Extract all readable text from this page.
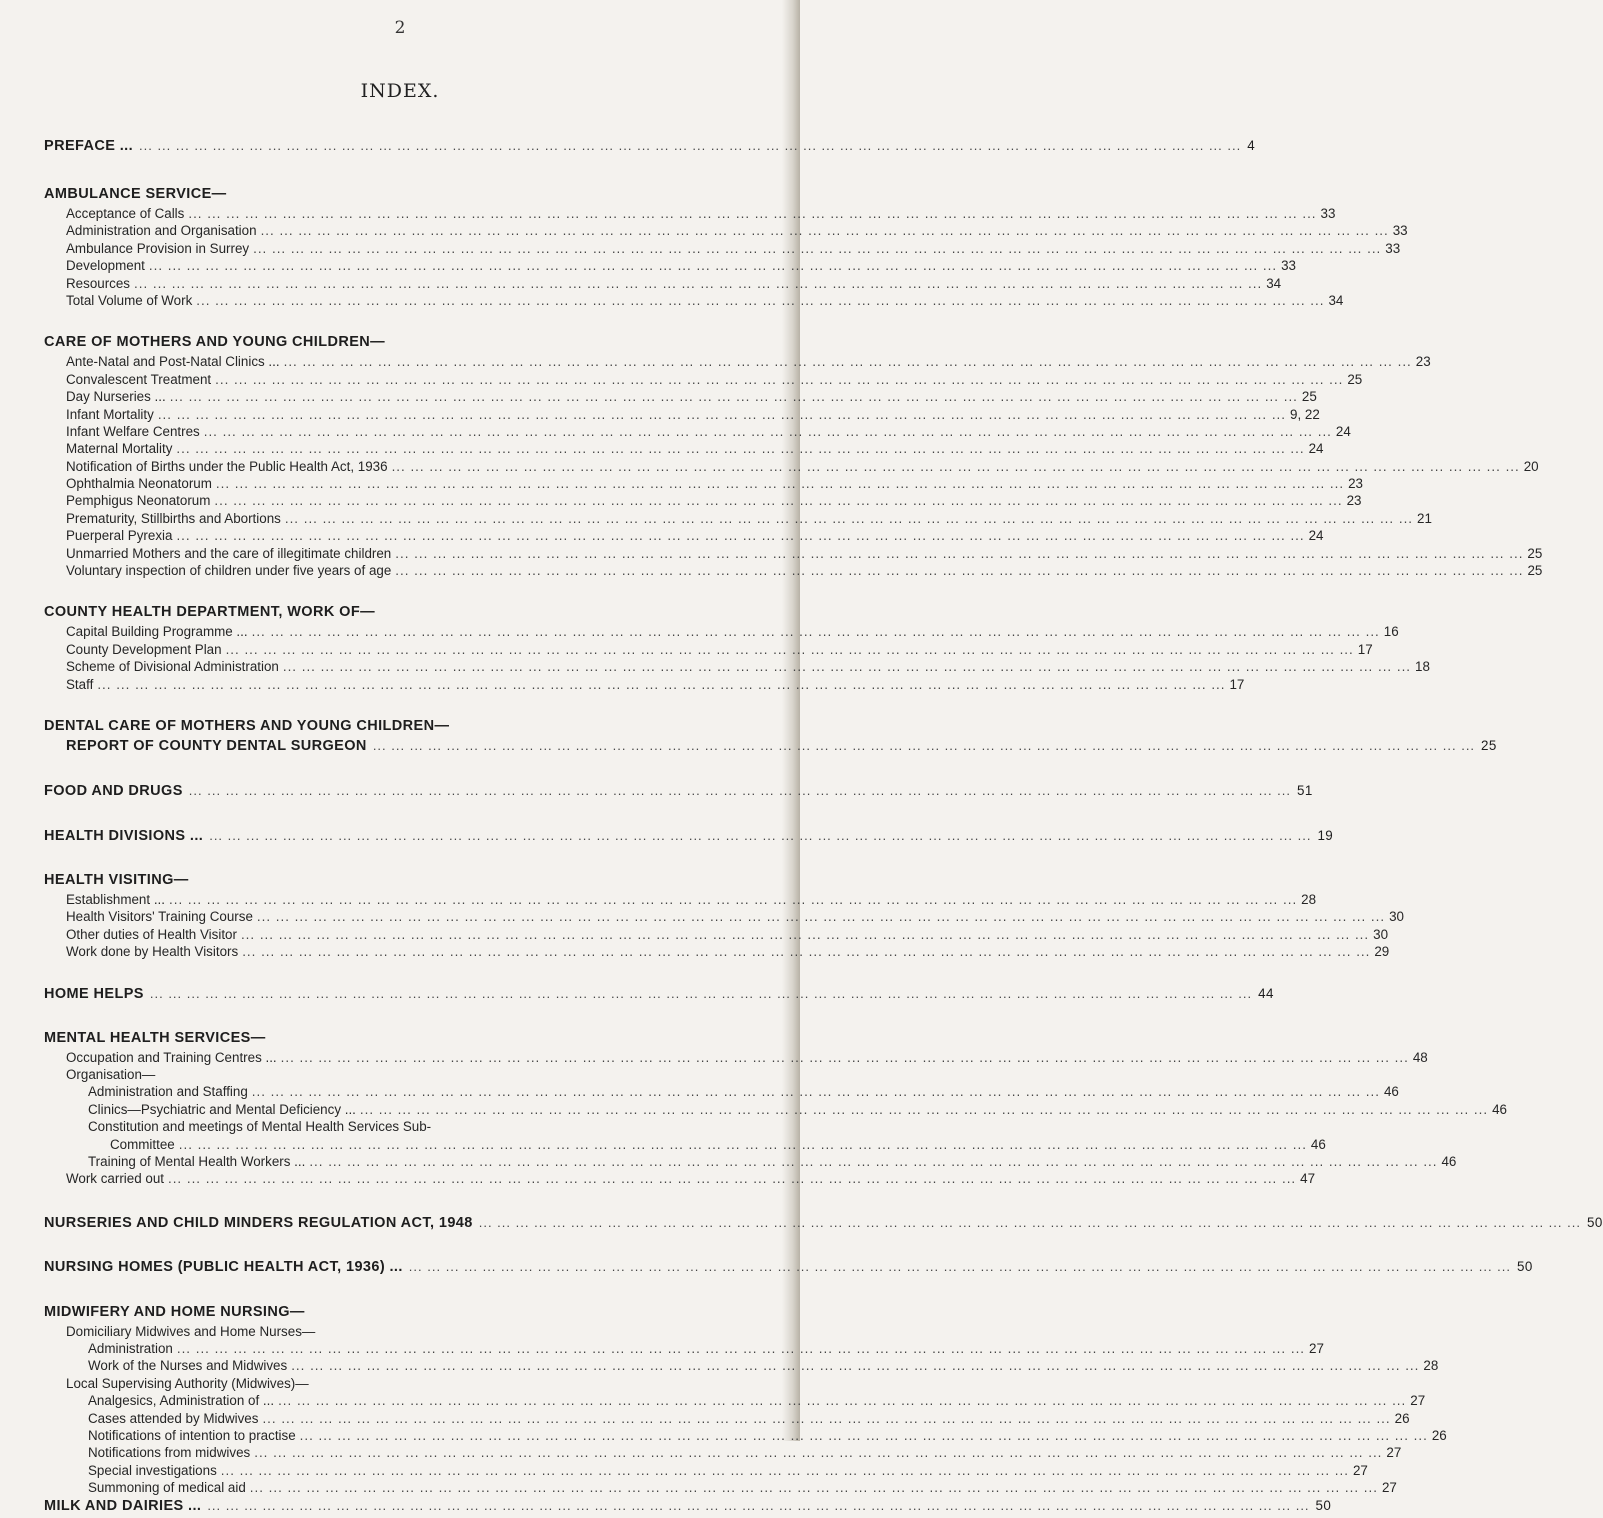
2
INDEX.
PREFACE ... ... ... ... ... ... ... ... ... ... ... ... ... ... ... ... ... ... ... ... ... ... ... ... ... ... ... ... ... ... ... ... ... ... ... ... ... ... ... ... ... ... ... ... ... ... ... ... ... ... ... ... ... ... ... ... ... ... ... ... ... 4
AMBULANCE SERVICE—
Acceptance of Calls ... ... ... ... ... ... ... ... ... ... ... ... ... ... ... ... ... ... ... ... ... ... ... ... ... ... ... ... ... ... ... ... ... ... ... ... ... ... ... ... ... ... ... ... ... ... ... ... ... ... ... ... ... ... ... ... ... ... ... ... 33
Administration and Organisation ... ... ... ... ... ... ... ... ... ... ... ... ... ... ... ... ... ... ... ... ... ... ... ... ... ... ... ... ... ... ... ... ... ... ... ... ... ... ... ... ... ... ... ... ... ... ... ... ... ... ... ... ... ... ... ... ... ... ... ... 33
Ambulance Provision in Surrey ... ... ... ... ... ... ... ... ... ... ... ... ... ... ... ... ... ... ... ... ... ... ... ... ... ... ... ... ... ... ... ... ... ... ... ... ... ... ... ... ... ... ... ... ... ... ... ... ... ... ... ... ... ... ... ... ... ... ... ... 33
Development ... ... ... ... ... ... ... ... ... ... ... ... ... ... ... ... ... ... ... ... ... ... ... ... ... ... ... ... ... ... ... ... ... ... ... ... ... ... ... ... ... ... ... ... ... ... ... ... ... ... ... ... ... ... ... ... ... ... ... ... 33
Resources ... ... ... ... ... ... ... ... ... ... ... ... ... ... ... ... ... ... ... ... ... ... ... ... ... ... ... ... ... ... ... ... ... ... ... ... ... ... ... ... ... ... ... ... ... ... ... ... ... ... ... ... ... ... ... ... ... ... ... ... 34
Total Volume of Work ... ... ... ... ... ... ... ... ... ... ... ... ... ... ... ... ... ... ... ... ... ... ... ... ... ... ... ... ... ... ... ... ... ... ... ... ... ... ... ... ... ... ... ... ... ... ... ... ... ... ... ... ... ... ... ... ... ... ... ... 34
CARE OF MOTHERS AND YOUNG CHILDREN—
Ante-Natal and Post-Natal Clinics ... ... ... ... ... ... ... ... ... ... ... ... ... ... ... ... ... ... ... ... ... ... ... ... ... ... ... ... ... ... ... ... ... ... ... ... ... ... ... ... ... ... ... ... ... ... ... ... ... ... ... ... ... ... ... ... ... ... ... ... ... 23
Convalescent Treatment ... ... ... ... ... ... ... ... ... ... ... ... ... ... ... ... ... ... ... ... ... ... ... ... ... ... ... ... ... ... ... ... ... ... ... ... ... ... ... ... ... ... ... ... ... ... ... ... ... ... ... ... ... ... ... ... ... ... ... ... 25
Day Nurseries ... ... ... ... ... ... ... ... ... ... ... ... ... ... ... ... ... ... ... ... ... ... ... ... ... ... ... ... ... ... ... ... ... ... ... ... ... ... ... ... ... ... ... ... ... ... ... ... ... ... ... ... ... ... ... ... ... ... ... ... ... 25
Infant Mortality ... ... ... ... ... ... ... ... ... ... ... ... ... ... ... ... ... ... ... ... ... ... ... ... ... ... ... ... ... ... ... ... ... ... ... ... ... ... ... ... ... ... ... ... ... ... ... ... ... ... ... ... ... ... ... ... ... ... ... ... 9, 22
Infant Welfare Centres ... ... ... ... ... ... ... ... ... ... ... ... ... ... ... ... ... ... ... ... ... ... ... ... ... ... ... ... ... ... ... ... ... ... ... ... ... ... ... ... ... ... ... ... ... ... ... ... ... ... ... ... ... ... ... ... ... ... ... ... 24
Maternal Mortality ... ... ... ... ... ... ... ... ... ... ... ... ... ... ... ... ... ... ... ... ... ... ... ... ... ... ... ... ... ... ... ... ... ... ... ... ... ... ... ... ... ... ... ... ... ... ... ... ... ... ... ... ... ... ... ... ... ... ... ... 24
Notification of Births under the Public Health Act, 1936 ... ... ... ... ... ... ... ... ... ... ... ... ... ... ... ... ... ... ... ... ... ... ... ... ... ... ... ... ... ... ... ... ... ... ... ... ... ... ... ... ... ... ... ... ... ... ... ... ... ... ... ... ... ... ... ... ... ... ... ... 20
Ophthalmia Neonatorum ... ... ... ... ... ... ... ... ... ... ... ... ... ... ... ... ... ... ... ... ... ... ... ... ... ... ... ... ... ... ... ... ... ... ... ... ... ... ... ... ... ... ... ... ... ... ... ... ... ... ... ... ... ... ... ... ... ... ... ... 23
Pemphigus Neonatorum ... ... ... ... ... ... ... ... ... ... ... ... ... ... ... ... ... ... ... ... ... ... ... ... ... ... ... ... ... ... ... ... ... ... ... ... ... ... ... ... ... ... ... ... ... ... ... ... ... ... ... ... ... ... ... ... ... ... ... ... 23
Prematurity, Stillbirths and Abortions ... ... ... ... ... ... ... ... ... ... ... ... ... ... ... ... ... ... ... ... ... ... ... ... ... ... ... ... ... ... ... ... ... ... ... ... ... ... ... ... ... ... ... ... ... ... ... ... ... ... ... ... ... ... ... ... ... ... ... ... 21
Puerperal Pyrexia ... ... ... ... ... ... ... ... ... ... ... ... ... ... ... ... ... ... ... ... ... ... ... ... ... ... ... ... ... ... ... ... ... ... ... ... ... ... ... ... ... ... ... ... ... ... ... ... ... ... ... ... ... ... ... ... ... ... ... ... 24
Unmarried Mothers and the care of illegitimate children ... ... ... ... ... ... ... ... ... ... ... ... ... ... ... ... ... ... ... ... ... ... ... ... ... ... ... ... ... ... ... ... ... ... ... ... ... ... ... ... ... ... ... ... ... ... ... ... ... ... ... ... ... ... ... ... ... ... ... ... 25
Voluntary inspection of children under five years of age ... ... ... ... ... ... ... ... ... ... ... ... ... ... ... ... ... ... ... ... ... ... ... ... ... ... ... ... ... ... ... ... ... ... ... ... ... ... ... ... ... ... ... ... ... ... ... ... ... ... ... ... ... ... ... ... ... ... ... ... 25
COUNTY HEALTH DEPARTMENT, WORK OF—
Capital Building Programme ... ... ... ... ... ... ... ... ... ... ... ... ... ... ... ... ... ... ... ... ... ... ... ... ... ... ... ... ... ... ... ... ... ... ... ... ... ... ... ... ... ... ... ... ... ... ... ... ... ... ... ... ... ... ... ... ... ... ... ... ... 16
County Development Plan ... ... ... ... ... ... ... ... ... ... ... ... ... ... ... ... ... ... ... ... ... ... ... ... ... ... ... ... ... ... ... ... ... ... ... ... ... ... ... ... ... ... ... ... ... ... ... ... ... ... ... ... ... ... ... ... ... ... ... ... 17
Scheme of Divisional Administration ... ... ... ... ... ... ... ... ... ... ... ... ... ... ... ... ... ... ... ... ... ... ... ... ... ... ... ... ... ... ... ... ... ... ... ... ... ... ... ... ... ... ... ... ... ... ... ... ... ... ... ... ... ... ... ... ... ... ... ... 18
Staff ... ... ... ... ... ... ... ... ... ... ... ... ... ... ... ... ... ... ... ... ... ... ... ... ... ... ... ... ... ... ... ... ... ... ... ... ... ... ... ... ... ... ... ... ... ... ... ... ... ... ... ... ... ... ... ... ... ... ... ... 17
DENTAL CARE OF MOTHERS AND YOUNG CHILDREN—
REPORT OF COUNTY DENTAL SURGEON ... ... ... ... ... ... ... ... ... ... ... ... ... ... ... ... ... ... ... ... ... ... ... ... ... ... ... ... ... ... ... ... ... ... ... ... ... ... ... ... ... ... ... ... ... ... ... ... ... ... ... ... ... ... ... ... ... ... ... ... 25
FOOD AND DRUGS ... ... ... ... ... ... ... ... ... ... ... ... ... ... ... ... ... ... ... ... ... ... ... ... ... ... ... ... ... ... ... ... ... ... ... ... ... ... ... ... ... ... ... ... ... ... ... ... ... ... ... ... ... ... ... ... ... ... ... ... 51
HEALTH DIVISIONS ... ... ... ... ... ... ... ... ... ... ... ... ... ... ... ... ... ... ... ... ... ... ... ... ... ... ... ... ... ... ... ... ... ... ... ... ... ... ... ... ... ... ... ... ... ... ... ... ... ... ... ... ... ... ... ... ... ... ... ... ... 19
HEALTH VISITING—
Establishment ... ... ... ... ... ... ... ... ... ... ... ... ... ... ... ... ... ... ... ... ... ... ... ... ... ... ... ... ... ... ... ... ... ... ... ... ... ... ... ... ... ... ... ... ... ... ... ... ... ... ... ... ... ... ... ... ... ... ... ... ... 28
Health Visitors' Training Course ... ... ... ... ... ... ... ... ... ... ... ... ... ... ... ... ... ... ... ... ... ... ... ... ... ... ... ... ... ... ... ... ... ... ... ... ... ... ... ... ... ... ... ... ... ... ... ... ... ... ... ... ... ... ... ... ... ... ... ... 30
Other duties of Health Visitor ... ... ... ... ... ... ... ... ... ... ... ... ... ... ... ... ... ... ... ... ... ... ... ... ... ... ... ... ... ... ... ... ... ... ... ... ... ... ... ... ... ... ... ... ... ... ... ... ... ... ... ... ... ... ... ... ... ... ... ... 30
Work done by Health Visitors ... ... ... ... ... ... ... ... ... ... ... ... ... ... ... ... ... ... ... ... ... ... ... ... ... ... ... ... ... ... ... ... ... ... ... ... ... ... ... ... ... ... ... ... ... ... ... ... ... ... ... ... ... ... ... ... ... ... ... ... 29
HOME HELPS ... ... ... ... ... ... ... ... ... ... ... ... ... ... ... ... ... ... ... ... ... ... ... ... ... ... ... ... ... ... ... ... ... ... ... ... ... ... ... ... ... ... ... ... ... ... ... ... ... ... ... ... ... ... ... ... ... ... ... ... 44
MENTAL HEALTH SERVICES—
Occupation and Training Centres ... ... ... ... ... ... ... ... ... ... ... ... ... ... ... ... ... ... ... ... ... ... ... ... ... ... ... ... ... ... ... ... ... ... ... ... ... ... ... ... ... ... ... ... ... ... ... ... ... ... ... ... ... ... ... ... ... ... ... ... ... 48
Organisation—
Administration and Staffing ... ... ... ... ... ... ... ... ... ... ... ... ... ... ... ... ... ... ... ... ... ... ... ... ... ... ... ... ... ... ... ... ... ... ... ... ... ... ... ... ... ... ... ... ... ... ... ... ... ... ... ... ... ... ... ... ... ... ... ... 46
Clinics—Psychiatric and Mental Deficiency ... ... ... ... ... ... ... ... ... ... ... ... ... ... ... ... ... ... ... ... ... ... ... ... ... ... ... ... ... ... ... ... ... ... ... ... ... ... ... ... ... ... ... ... ... ... ... ... ... ... ... ... ... ... ... ... ... ... ... ... ... 46
Constitution and meetings of Mental Health Services Sub-
Committee ... ... ... ... ... ... ... ... ... ... ... ... ... ... ... ... ... ... ... ... ... ... ... ... ... ... ... ... ... ... ... ... ... ... ... ... ... ... ... ... ... ... ... ... ... ... ... ... ... ... ... ... ... ... ... ... ... ... ... ... 46
Training of Mental Health Workers ... ... ... ... ... ... ... ... ... ... ... ... ... ... ... ... ... ... ... ... ... ... ... ... ... ... ... ... ... ... ... ... ... ... ... ... ... ... ... ... ... ... ... ... ... ... ... ... ... ... ... ... ... ... ... ... ... ... ... ... ... 46
Work carried out ... ... ... ... ... ... ... ... ... ... ... ... ... ... ... ... ... ... ... ... ... ... ... ... ... ... ... ... ... ... ... ... ... ... ... ... ... ... ... ... ... ... ... ... ... ... ... ... ... ... ... ... ... ... ... ... ... ... ... ... 47
NURSERIES AND CHILD MINDERS REGULATION ACT, 1948 ... ... ... ... ... ... ... ... ... ... ... ... ... ... ... ... ... ... ... ... ... ... ... ... ... ... ... ... ... ... ... ... ... ... ... ... ... ... ... ... ... ... ... ... ... ... ... ... ... ... ... ... ... ... ... ... ... ... ... ... 50
NURSING HOMES (PUBLIC HEALTH ACT, 1936) ... ... ... ... ... ... ... ... ... ... ... ... ... ... ... ... ... ... ... ... ... ... ... ... ... ... ... ... ... ... ... ... ... ... ... ... ... ... ... ... ... ... ... ... ... ... ... ... ... ... ... ... ... ... ... ... ... ... ... ... ... 50
MIDWIFERY AND HOME NURSING—
Domiciliary Midwives and Home Nurses—
Administration ... ... ... ... ... ... ... ... ... ... ... ... ... ... ... ... ... ... ... ... ... ... ... ... ... ... ... ... ... ... ... ... ... ... ... ... ... ... ... ... ... ... ... ... ... ... ... ... ... ... ... ... ... ... ... ... ... ... ... ... 27
Work of the Nurses and Midwives ... ... ... ... ... ... ... ... ... ... ... ... ... ... ... ... ... ... ... ... ... ... ... ... ... ... ... ... ... ... ... ... ... ... ... ... ... ... ... ... ... ... ... ... ... ... ... ... ... ... ... ... ... ... ... ... ... ... ... ... 28
Local Supervising Authority (Midwives)—
Analgesics, Administration of ... ... ... ... ... ... ... ... ... ... ... ... ... ... ... ... ... ... ... ... ... ... ... ... ... ... ... ... ... ... ... ... ... ... ... ... ... ... ... ... ... ... ... ... ... ... ... ... ... ... ... ... ... ... ... ... ... ... ... ... ... 27
Cases attended by Midwives ... ... ... ... ... ... ... ... ... ... ... ... ... ... ... ... ... ... ... ... ... ... ... ... ... ... ... ... ... ... ... ... ... ... ... ... ... ... ... ... ... ... ... ... ... ... ... ... ... ... ... ... ... ... ... ... ... ... ... ... 26
Notifications of intention to practise ... ... ... ... ... ... ... ... ... ... ... ... ... ... ... ... ... ... ... ... ... ... ... ... ... ... ... ... ... ... ... ... ... ... ... ... ... ... ... ... ... ... ... ... ... ... ... ... ... ... ... ... ... ... ... ... ... ... ... ... 26
Notifications from midwives ... ... ... ... ... ... ... ... ... ... ... ... ... ... ... ... ... ... ... ... ... ... ... ... ... ... ... ... ... ... ... ... ... ... ... ... ... ... ... ... ... ... ... ... ... ... ... ... ... ... ... ... ... ... ... ... ... ... ... ... 27
Special investigations ... ... ... ... ... ... ... ... ... ... ... ... ... ... ... ... ... ... ... ... ... ... ... ... ... ... ... ... ... ... ... ... ... ... ... ... ... ... ... ... ... ... ... ... ... ... ... ... ... ... ... ... ... ... ... ... ... ... ... ... 27
Summoning of medical aid ... ... ... ... ... ... ... ... ... ... ... ... ... ... ... ... ... ... ... ... ... ... ... ... ... ... ... ... ... ... ... ... ... ... ... ... ... ... ... ... ... ... ... ... ... ... ... ... ... ... ... ... ... ... ... ... ... ... ... ... 27
MILK AND DAIRIES ... ... ... ... ... ... ... ... ... ... ... ... ... ... ... ... ... ... ... ... ... ... ... ... ... ... ... ... ... ... ... ... ... ... ... ... ... ... ... ... ... ... ... ... ... ... ... ... ... ... ... ... ... ... ... ... ... ... ... ... ... 50
